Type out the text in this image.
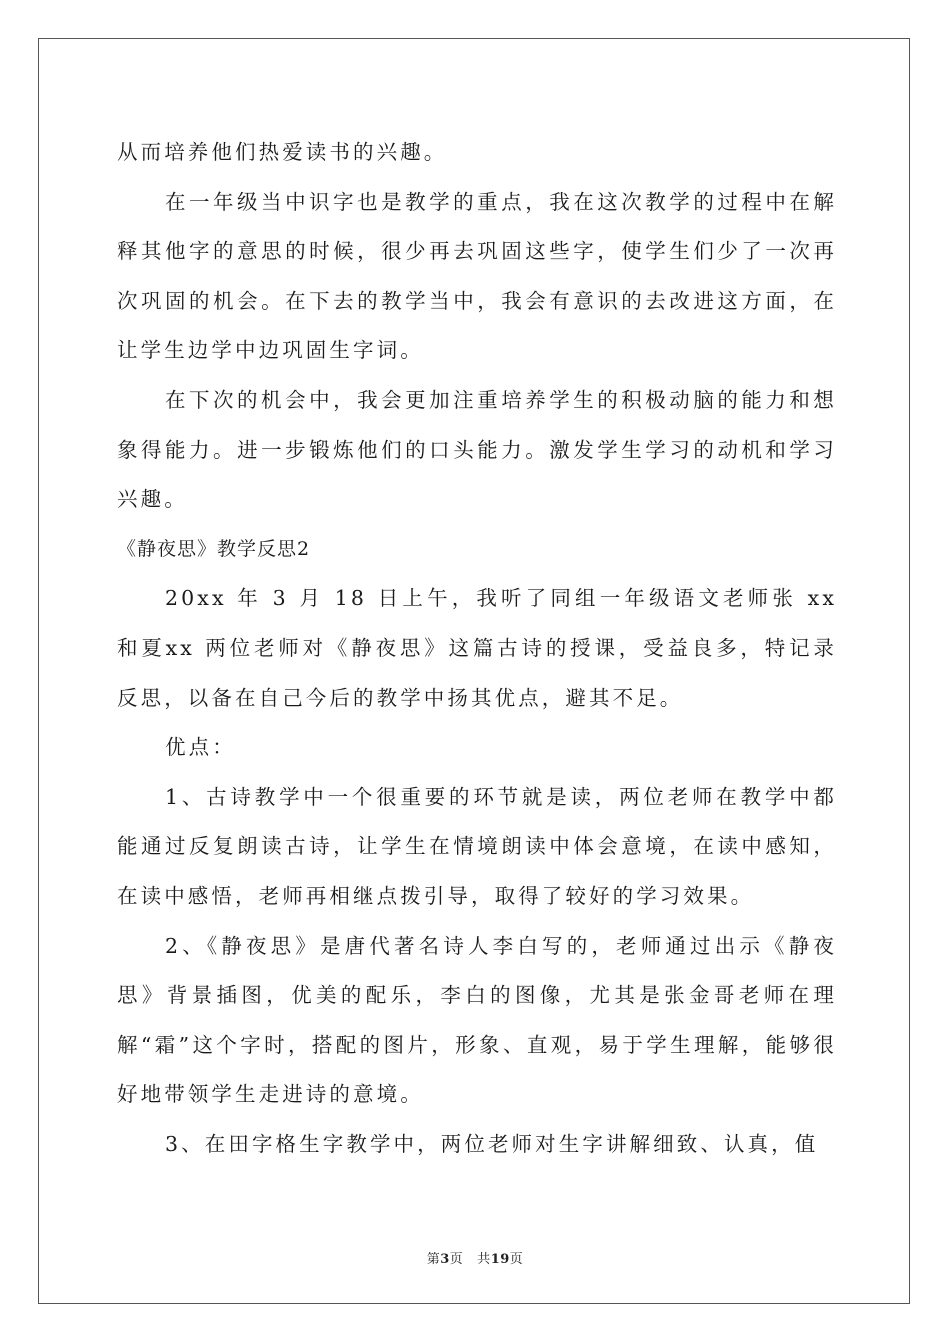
从而培养他们热爱读书的兴趣。

在一年级当中识字也是教学的重点，我在这次教学的过程中在解释其他字的意思的时候，很少再去巩固这些字，使学生们少了一次再次巩固的机会。在下去的教学当中，我会有意识的去改进这方面，在让学生边学中边巩固生字词。

在下次的机会中，我会更加注重培养学生的积极动脑的能力和想象得能力。进一步锻炼他们的口头能力。激发学生学习的动机和学习兴趣。

《静夜思》教学反思2

20xx 年 3 月 18 日上午，我听了同组一年级语文老师张 xx 和夏xx 两位老师对《静夜思》这篇古诗的授课，受益良多，特记录反思，以备在自己今后的教学中扬其优点，避其不足。

优点：

1、古诗教学中一个很重要的环节就是读，两位老师在教学中都能通过反复朗读古诗，让学生在情境朗读中体会意境，在读中感知，在读中感悟，老师再相继点拨引导，取得了较好的学习效果。

2、《静夜思》是唐代著名诗人李白写的，老师通过出示《静夜思》背景插图，优美的配乐，李白的图像，尤其是张金哥老师在理解“霜”这个字时，搭配的图片，形象、直观，易于学生理解，能够很好地带领学生走进诗的意境。

3、在田字格生字教学中，两位老师对生字讲解细致、认真，值

第3页 共19页
